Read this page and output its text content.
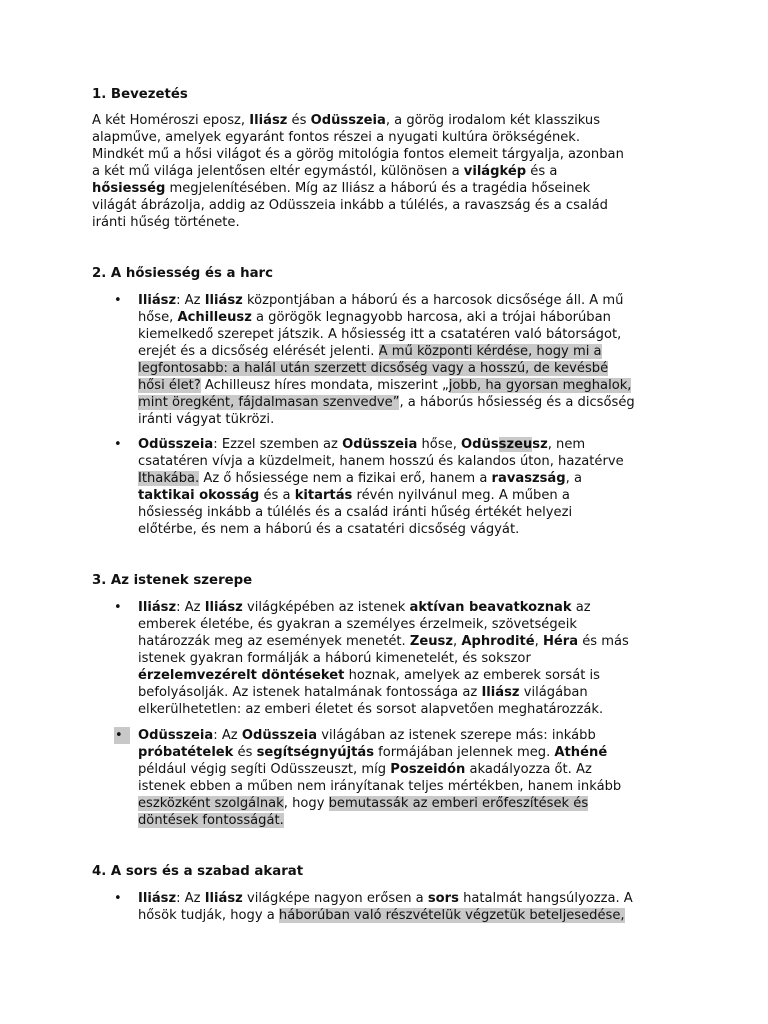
1. Bevezetés
A két Homéroszi eposz, Iliász és Odüsszeia, a görög irodalom két klasszikus
alapműve, amelyek egyaránt fontos részei a nyugati kultúra örökségének.
Mindkét mű a hősi világot és a görög mitológia fontos elemeit tárgyalja, azonban
a két mű világa jelentősen eltér egymástól, különösen a világkép és a
hősiesség megjelenítésében. Míg az Iliász a háború és a tragédia hőseinek
világát ábrázolja, addig az Odüsszeia inkább a túlélés, a ravaszság és a család
iránti hűség története.
2. A hősiesség és a harc
•	Iliász: Az Iliász központjában a háború és a harcosok dicsősége áll. A mű
hőse, Achilleusz a görögök legnagyobb harcosa, aki a trójai háborúban
kiemelkedő szerepet játszik. A hősiesség itt a csatatéren való bátorságot,
erejét és a dicsőség elérését jelenti. A mű központi kérdése, hogy mi a
legfontosabb: a halál után szerzett dicsőség vagy a hosszú, de kevésbé
hősi élet? Achilleusz híres mondata, miszerint „jobb, ha gyorsan meghalok,
mint öregként, fájdalmasan szenvedve”, a háborús hősiesség és a dicsőség
iránti vágyat tükrözi.
•	Odüsszeia: Ezzel szemben az Odüsszeia hőse, Odüsszeusz, nem
csatatéren vívja a küzdelmeit, hanem hosszú és kalandos úton, hazatérve
Ithakába. Az ő hősiessége nem a fizikai erő, hanem a ravaszság, a
taktikai okosság és a kitartás révén nyilvánul meg. A műben a
hősiesség inkább a túlélés és a család iránti hűség értékét helyezi
előtérbe, és nem a háború és a csatatéri dicsőség vágyát.
3. Az istenek szerepe
•	Iliász: Az Iliász világképében az istenek aktívan beavatkoznak az
emberek életébe, és gyakran a személyes érzelmeik, szövetségeik
határozzák meg az események menetét. Zeusz, Aphrodité, Héra és más
istenek gyakran formálják a háború kimenetelét, és sokszor
érzelemvezérelt döntéseket hoznak, amelyek az emberek sorsát is
befolyásolják. Az istenek hatalmának fontossága az Iliász világában
elkerülhetetlen: az emberi életet és sorsot alapvetően meghatározzák.
•	Odüsszeia: Az Odüsszeia világában az istenek szerepe más: inkább
próbatételek és segítségnyújtás formájában jelennek meg. Athéné
például végig segíti Odüsszeuszt, míg Poszeidón akadályozza őt. Az
istenek ebben a műben nem irányítanak teljes mértékben, hanem inkább
eszközként szolgálnak, hogy bemutassák az emberi erőfeszítések és
döntések fontosságát.
4. A sors és a szabad akarat
•	Iliász: Az Iliász világképe nagyon erősen a sors hatalmát hangsúlyozza. A
hősök tudják, hogy a háborúban való részvételük végzetük beteljesedése,
